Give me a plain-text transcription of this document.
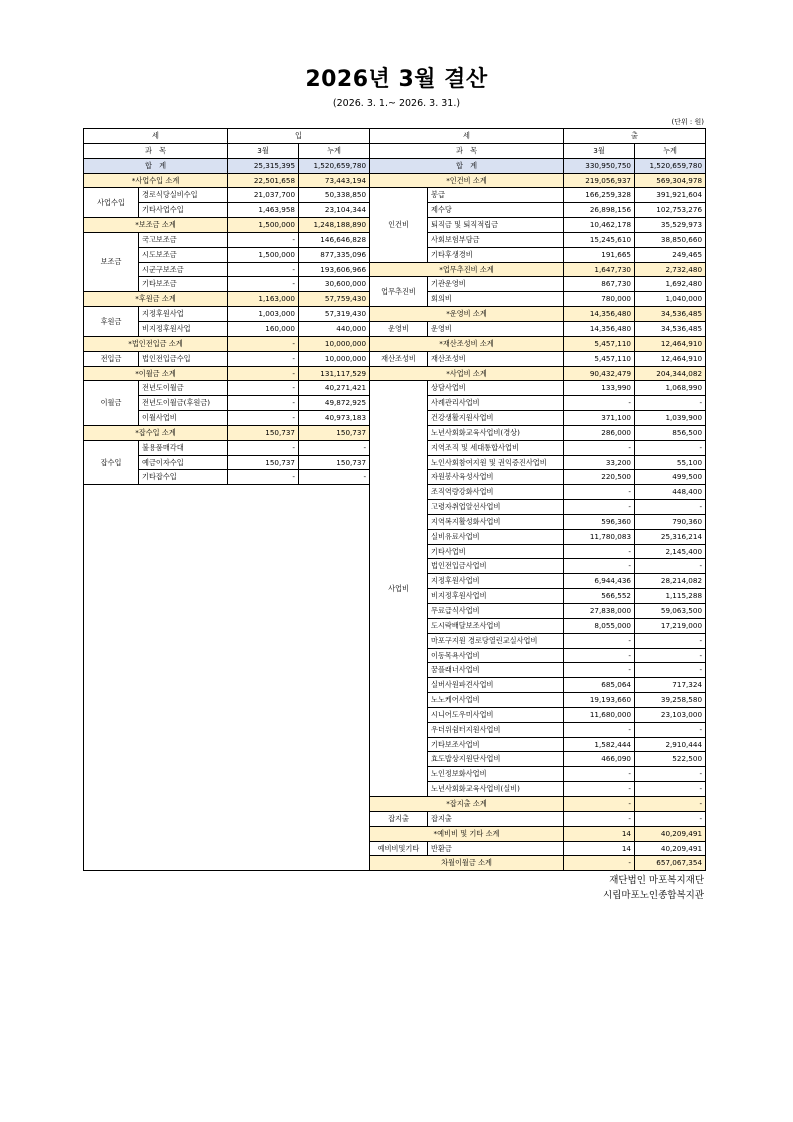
2026년 3월 결산
(2026. 3. 1.~ 2026. 3. 31.)
(단위 : 원)
세		입	
과　목		3월	누계
합　계		25,315,395	1,520,659,780
*사업수입 소계		22,501,658	73,443,194
사업수입	경로식당실비수입	21,037,700	50,338,850
	기타사업수입	1,463,958	23,104,344
*보조금 소계		1,500,000	1,248,188,890
보조금	국고보조금	-	146,646,828
	시도보조금	1,500,000	877,335,096
	시군구보조금	-	193,606,966
	기타보조금	-	30,600,000
*후원금 소계		1,163,000	57,759,430
후원금	지정후원사업	1,003,000	57,319,430
	비지정후원사업	160,000	440,000
*법인전입금 소계		-	10,000,000
전입금	법인전입금수입	-	10,000,000
*이월금 소계		-	131,117,529
이월금	전년도이월금	-	40,271,421
	전년도이월금(후원금)	-	49,872,925
	이월사업비	-	40,973,183
*잡수입 소계		150,737	150,737
잡수입	불용품매각대	-	-
	예금이자수입	150,737	150,737
	기타잡수입	-	-

세		출	
과　목		3월	누계
합　계		330,950,750	1,520,659,780
*인건비 소계		219,056,937	569,304,978
인건비	봉급	166,259,328	391,921,604
	제수당	26,898,156	102,753,276
	퇴직금 및 퇴직적립금	10,462,178	35,529,973
	사회보험부담금	15,245,610	38,850,660
	기타후생경비	191,665	249,465
*업무추진비 소계		1,647,730	2,732,480
업무추진비	기관운영비	867,730	1,692,480
	회의비	780,000	1,040,000
*운영비 소계		14,356,480	34,536,485
운영비	운영비	14,356,480	34,536,485
*재산조성비 소계		5,457,110	12,464,910
재산조성비	재산조성비	5,457,110	12,464,910
*사업비 소계		90,432,479	204,344,082
사업비	상담사업비	133,990	1,068,990
	사례관리사업비	-	-
	건강생활지원사업비	371,100	1,039,900
	노년사회화교육사업비(경상)	286,000	856,500
	지역조직 및 세대통합사업비	-	-
	노인사회참여지원 및 권익증진사업비	33,200	55,100
	자원봉사육성사업비	220,500	499,500
	조직역량강화사업비	-	448,400
	고령자취업알선사업비	-	-
	지역복지활성화사업비	596,360	790,360
	실비유료사업비	11,780,083	25,316,214
	기타사업비	-	2,145,400
	법인전입금사업비	-	-
	지정후원사업비	6,944,436	28,214,082
	비지정후원사업비	566,552	1,115,288
	무료급식사업비	27,838,000	59,063,500
	도시락배달보조사업비	8,055,000	17,219,000
	마포구지원 경로당열린교실사업비	-	-
	이동목욕사업비	-	-
	꿈플래너사업비	-	-
	실버사원파견사업비	685,064	717,324
	노노케어사업비	19,193,660	39,258,580
	시니어도우미사업비	11,680,000	23,103,000
	우더위쉼터지원사업비	-	-
	기타보조사업비	1,582,444	2,910,444
	효도밥상지원단사업비	466,090	522,500
	노인정보화사업비	-	-
	노년사회화교육사업비(실비)	-	-
*잡지출 소계		-	-
잡지출	잡지출	-	-
*예비비 및 기타 소계		14	40,209,491
예비비및기타	반환금	14	40,209,491
차월이월금 소계		-	657,067,354
재단법인 마포복지재단
시립마포노인종합복지관
